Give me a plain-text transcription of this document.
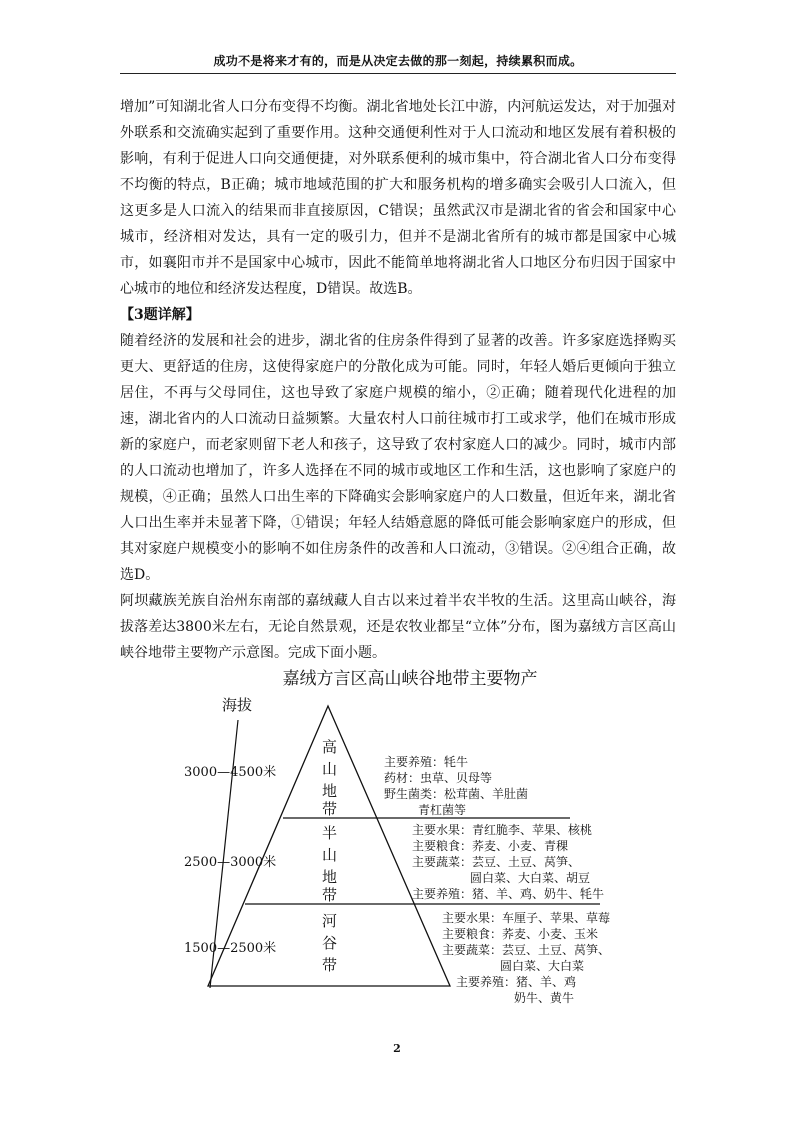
成功不是将来才有的，而是从决定去做的那一刻起，持续累积而成。

增加”可知湖北省人口分布变得不均衡。湖北省地处长江中游，内河航运发达，对于加强对外联系和交流确实起到了重要作用。这种交通便利性对于人口流动和地区发展有着积极的影响，有利于促进人口向交通便捷，对外联系便利的城市集中，符合湖北省人口分布变得不均衡的特点，B正确；城市地域范围的扩大和服务机构的增多确实会吸引人口流入，但这更多是人口流入的结果而非直接原因，C错误；虽然武汉市是湖北省的省会和国家中心城市，经济相对发达，具有一定的吸引力，但并不是湖北省所有的城市都是国家中心城市，如襄阳市并不是国家中心城市，因此不能简单地将湖北省人口地区分布归因于国家中心城市的地位和经济发达程度，D错误。故选B。

【3题详解】

随着经济的发展和社会的进步，湖北省的住房条件得到了显著的改善。许多家庭选择购买更大、更舒适的住房，这使得家庭户的分散化成为可能。同时，年轻人婚后更倾向于独立居住，不再与父母同住，这也导致了家庭户规模的缩小，②正确；随着现代化进程的加速，湖北省内的人口流动日益频繁。大量农村人口前往城市打工或求学，他们在城市形成新的家庭户，而老家则留下老人和孩子，这导致了农村家庭人口的减少。同时，城市内部的人口流动也增加了，许多人选择在不同的城市或地区工作和生活，这也影响了家庭户的规模，④正确；虽然人口出生率的下降确实会影响家庭户的人口数量，但近年来，湖北省人口出生率并未显著下降，①错误；年轻人结婚意愿的降低可能会影响家庭户的形成，但其对家庭户规模变小的影响不如住房条件的改善和人口流动，③错误。②④组合正确，故选D。

阿坝藏族羌族自治州东南部的嘉绒藏人自古以来过着半农半牧的生活。这里高山峡谷，海拔落差达3800米左右，无论自然景观，还是农牧业都呈“立体”分布，图为嘉绒方言区高山峡谷地带主要物产示意图。完成下面小题。

嘉绒方言区高山峡谷地带主要物产
海拔
3000—4500米
2500—3000米
1500—2500米
高
山
地
带
半
山
地
带
河
谷
带
主要养殖：牦牛
药材：虫草、贝母等
野生菌类：松茸菌、羊肚菌
青杠菌等
主要水果：青红脆李、苹果、核桃
主要粮食：荞麦、小麦、青稞
主要蔬菜：芸豆、土豆、莴笋、
圆白菜、大白菜、胡豆
主要养殖：猪、羊、鸡、奶牛、牦牛
主要水果：车厘子、苹果、草莓
主要粮食：荞麦、小麦、玉米
主要蔬菜：芸豆、土豆、莴笋、
圆白菜、大白菜
主要养殖：猪、羊、鸡
奶牛、黄牛
2
